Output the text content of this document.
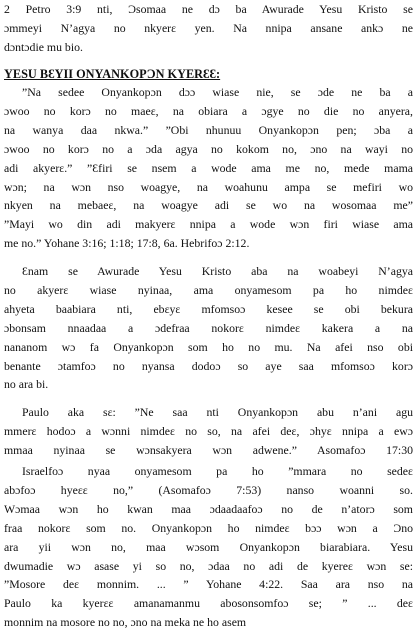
2 Petro 3:9 nti, Ɔsomaa ne dɔ ba Awurade Yesu Kristo se
ɔmmeyi N’agya no nkyerɛ yen. Na nnipa ansane ankɔ ne
dɔntɔdie mu bio.
YESU BƐYII ONYANKOPƆN KYERƐƐ:
”Na sedee Onyankopɔn dɔɔ wiase nie, se ɔde ne ba a
ɔwoo no korɔ no maeɛ, na obiara a ɔgye no die no anyera,
na wanya daa nkwa.” ”Obi nhunuu Onyankopɔn pen; ɔba a
ɔwoo no korɔ no a ɔda agya no kokom no, ɔno na wayi no
adi akyerɛ.” ”Ɛfiri se nsem a wode ama me no, mede mama
wɔn; na wɔn nso woagye, na woahunu ampa se mefiri wo
nkyen na mebaeɛ, na woagye adi se wo na wosomaa me”
”Mayi wo din adi makyerɛ nnipa a wode wɔn firi wiase ama
me no.” Yohane 3:16; 1:18; 17:8, 6a. Hebrifoɔ 2:12.
Ɛnam se Awurade Yesu Kristo aba na woabeyi N’agya
no akyerɛ wiase nyinaa, ama onyamesom pa ho nimdeɛ
ahyeta baabiara nti, ebɛyɛ mfomsoɔ kesee se obi bekura
ɔbonsam nnaadaa a ɔdefraa nokorɛ nimdeɛ kakera a na
nananom wɔ fa Onyankopɔn som ho no mu. Na afei nso obi
benante ɔtamfoɔ no nyansa dodoɔ so aye saa mfomsoɔ korɔ
no ara bi.
Paulo aka sɛ: ”Ne saa nti Onyankopɔn abu n’ani agu
mmerɛ hodoɔ a wɔnni nimdeɛ no so, na afei deɛ, ɔhyɛ nnipa a ewɔ
mmaa nyinaa se wɔnsakyera wɔn adwene.” Asomafoɔ 17:30
Israelfoɔ nyaa onyamesom pa ho ”mmara no sedeɛ
abɔfoɔ hyeɛɛ no,” (Asomafoɔ 7:53) nanso woanni so.
Wɔmaa wɔn ho kwan maa ɔdaadaafoɔ no de n’atorɔ som
fraa nokorɛ som no. Onyankopɔn ho nimdeɛ bɔɔ wɔn a Ɔno
ara yii wɔn no, maa wɔsom Onyankopɔn biarabiara. Yesu
dwumadie wɔ asase yi so no, ɔdaa no adi de kyereɛ wɔn se:
”Mosore deɛ monnim. ... ” Yohane 4:22. Saa ara nso na
Paulo ka kyerɛɛ amanamanmu abosonsomfoɔ se; ” ... deɛ
monnim na mosore no no, ɔno na meka ne ho asem
